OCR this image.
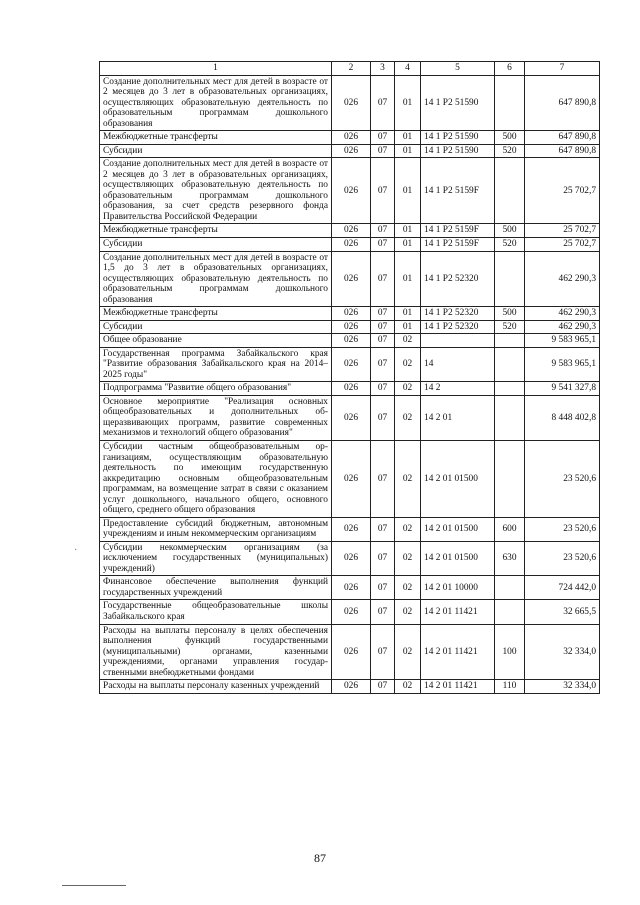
1	2	3	4	5	6	7
Создание дополнительных мест для детей в возрасте от 2 месяцев до 3 лет в образовательных организациях, осуществляющих образовательную деятельность по образовательным программам дошкольного образования	026	07	01	14 1 P2 51590		647 890,8
Межбюджетные трансферты	026	07	01	14 1 P2 51590	500	647 890,8
Субсидии	026	07	01	14 1 P2 51590	520	647 890,8
Создание дополнительных мест для детей в возрасте от 2 месяцев до 3 лет в образовательных организациях, осуществляющих образовательную деятельность по образовательным программам дошкольного образования, за счет средств резервного фонда Правительства Российской Федерации	026	07	01	14 1 P2 5159F		25 702,7
Межбюджетные трансферты	026	07	01	14 1 P2 5159F	500	25 702,7
Субсидии	026	07	01	14 1 P2 5159F	520	25 702,7
Создание дополнительных мест для детей в возрасте от 1,5 до 3 лет в образовательных организациях, осуществляющих образовательную деятельность по образовательным программам дошкольного образования	026	07	01	14 1 P2 52320		462 290,3
Межбюджетные трансферты	026	07	01	14 1 P2 52320	500	462 290,3
Субсидии	026	07	01	14 1 P2 52320	520	462 290,3
Общее образование	026	07	02			9 583 965,1
Государственная программа Забайкальского края "Развитие образования Забайкальского края на 2014–2025 годы"	026	07	02	14		9 583 965,1
Подпрограмма "Развитие общего образования"	026	07	02	14 2		9 541 327,8
Основное мероприятие "Реализация основных общеобразовательных и дополнительных общеразвивающих программ, развитие современных механизмов и технологий общего образования"	026	07	02	14 2 01		8 448 402,8
Субсидии частным общеобразовательным организациям, осуществляющим образовательную деятельность по имеющим государственную аккредитацию основным общеобразовательным программам, на возмещение затрат в связи с оказанием услуг дошкольного, начального общего, основного общего, среднего общего образования	026	07	02	14 2 01 01500		23 520,6
Предоставление субсидий бюджетным, автономным учреждениям и иным некоммерческим организациям	026	07	02	14 2 01 01500	600	23 520,6
Субсидии некоммерческим организациям (за исключением государственных (муниципальных) учреждений)	026	07	02	14 2 01 01500	630	23 520,6
Финансовое обеспечение выполнения функций государственных учреждений	026	07	02	14 2 01 10000		724 442,0
Государственные общеобразовательные школы Забайкальского края	026	07	02	14 2 01 11421		32 665,5
Расходы на выплаты персоналу в целях обеспечения выполнения функций государственными (муниципальными) органами, казенными учреждениями, органами управления государственными внебюджетными фондами	026	07	02	14 2 01 11421	100	32 334,0
Расходы на выплаты персоналу казенных учреждений	026	07	02	14 2 01 11421	110	32 334,0
·
87
